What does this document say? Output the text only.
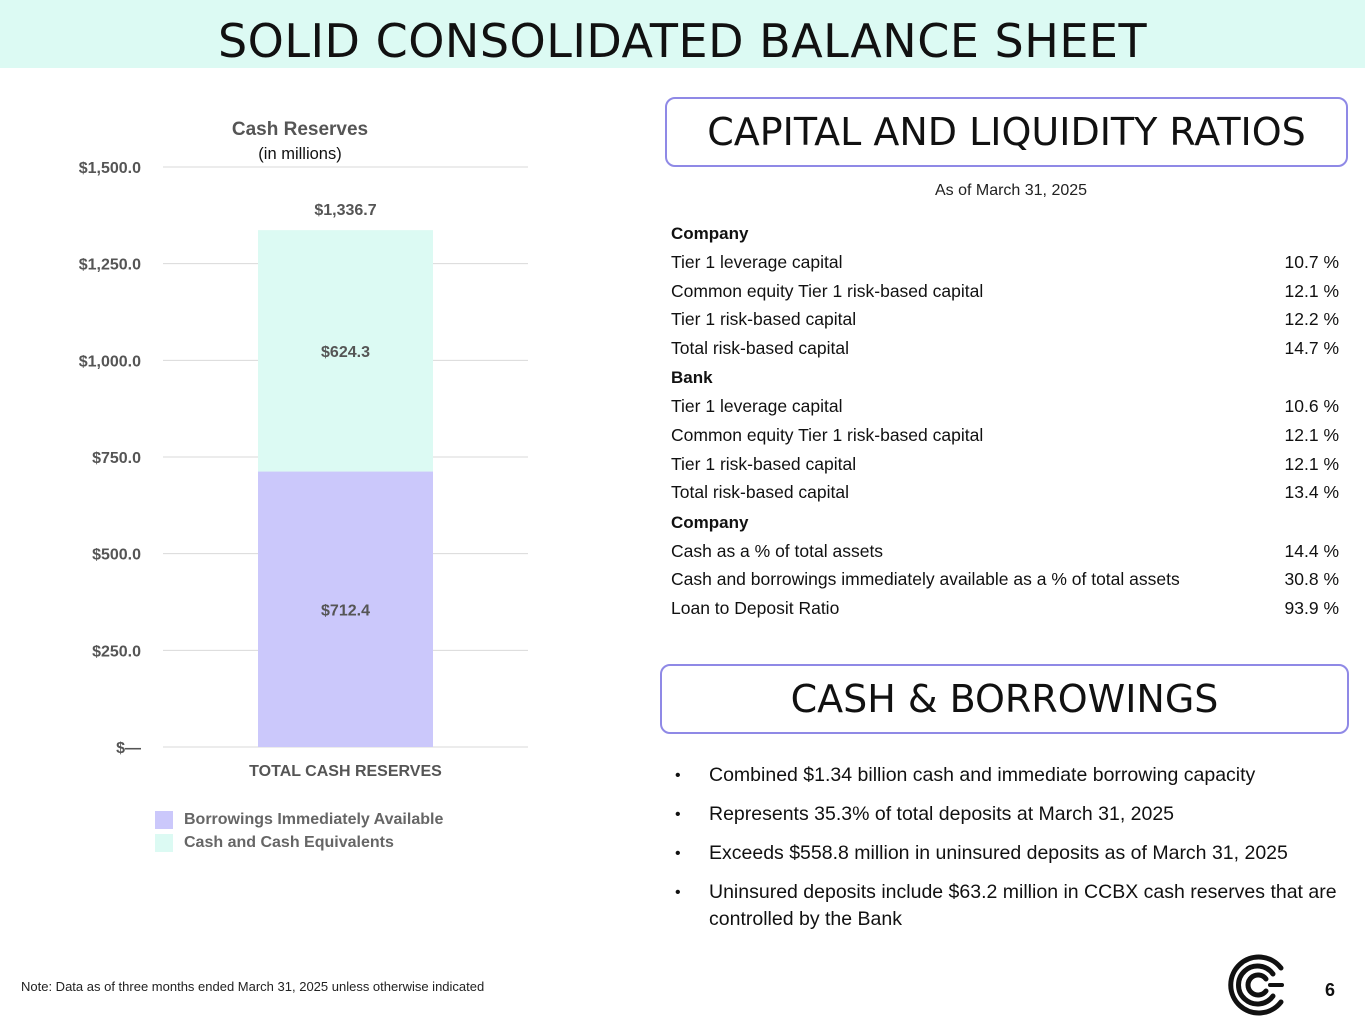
SOLID CONSOLIDATED BALANCE SHEET
Cash Reserves
(in millions)
$—
$250.0
$500.0
$750.0
$1,000.0
$1,250.0
$1,500.0
$712.4
$624.3
$1,336.7
TOTAL CASH RESERVES
Borrowings Immediately Available
Cash and Cash Equivalents
CAPITAL AND LIQUIDITY RATIOS
As of March 31, 2025
Company
Tier 1 leverage capital	10.7 %
Common equity Tier 1 risk-based capital	12.1 %
Tier 1 risk-based capital	12.2 %
Total risk-based capital	14.7 %
Bank
Tier 1 leverage capital	10.6 %
Common equity Tier 1 risk-based capital	12.1 %
Tier 1 risk-based capital	12.1 %
Total risk-based capital	13.4 %
Company
Cash as a % of total assets	14.4 %
Cash and borrowings immediately available as a % of total assets	30.8 %
Loan to Deposit Ratio	93.9 %
CASH & BORROWINGS
•	Combined $1.34 billion cash and immediate borrowing capacity
•	Represents 35.3% of total deposits at March 31, 2025
•	Exceeds $558.8 million in uninsured deposits as of March 31, 2025
•	Uninsured deposits include $63.2 million in CCBX cash reserves that are controlled by the Bank
Note: Data as of three months ended March 31, 2025 unless otherwise indicated	6
